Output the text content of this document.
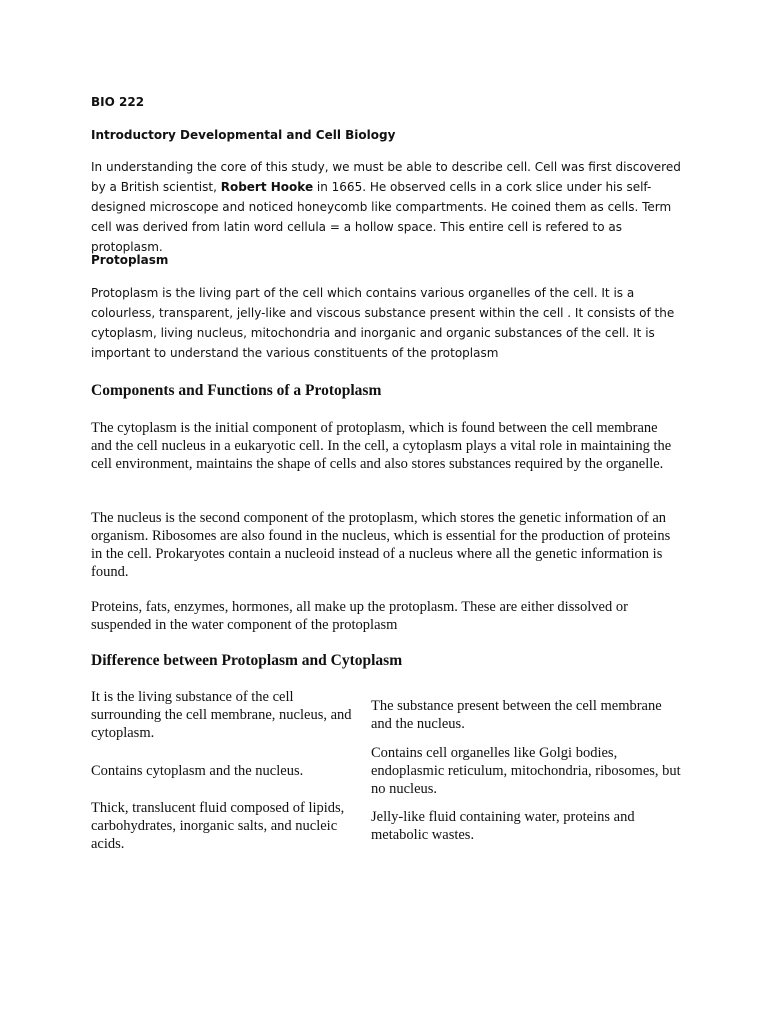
BIO 222
Introductory Developmental and Cell Biology

In understanding the core of this study, we must be able to describe cell. Cell was first discovered by a British scientist, Robert Hooke in 1665. He observed cells in a cork slice under his self-designed microscope and noticed honeycomb like compartments. He coined them as cells. Term cell was derived from latin word cellula = a hollow space. This entire cell is refered to as protoplasm.

Protoplasm

Protoplasm is the living part of the cell which contains various organelles of the cell. It is a colourless, transparent, jelly-like and viscous substance present within the cell . It consists of the cytoplasm, living nucleus, mitochondria and inorganic and organic substances of the cell. It is important to understand the various constituents of the protoplasm

Components and Functions of a Protoplasm

The cytoplasm is the initial component of protoplasm, which is found between the cell membrane and the cell nucleus in a eukaryotic cell. In the cell, a cytoplasm plays a vital role in maintaining the cell environment, maintains the shape of cells and also stores substances required by the organelle.

The nucleus is the second component of the protoplasm, which stores the genetic information of an organism. Ribosomes are also found in the nucleus, which is essential for the production of proteins in the cell. Prokaryotes contain a nucleoid instead of a nucleus where all the genetic information is found.

Proteins, fats, enzymes, hormones, all make up the protoplasm. These are either dissolved or suspended in the water component of the protoplasm

Difference between Protoplasm and Cytoplasm
It is the living substance of the cell surrounding the cell membrane, nucleus, and cytoplasm.
The substance present between the cell membrane and the nucleus.
Contains cytoplasm and the nucleus.
Contains cell organelles like Golgi bodies, endoplasmic reticulum, mitochondria, ribosomes, but no nucleus.
Thick, translucent fluid composed of lipids, carbohydrates, inorganic salts, and nucleic acids.
Jelly-like fluid containing water, proteins and metabolic wastes.
